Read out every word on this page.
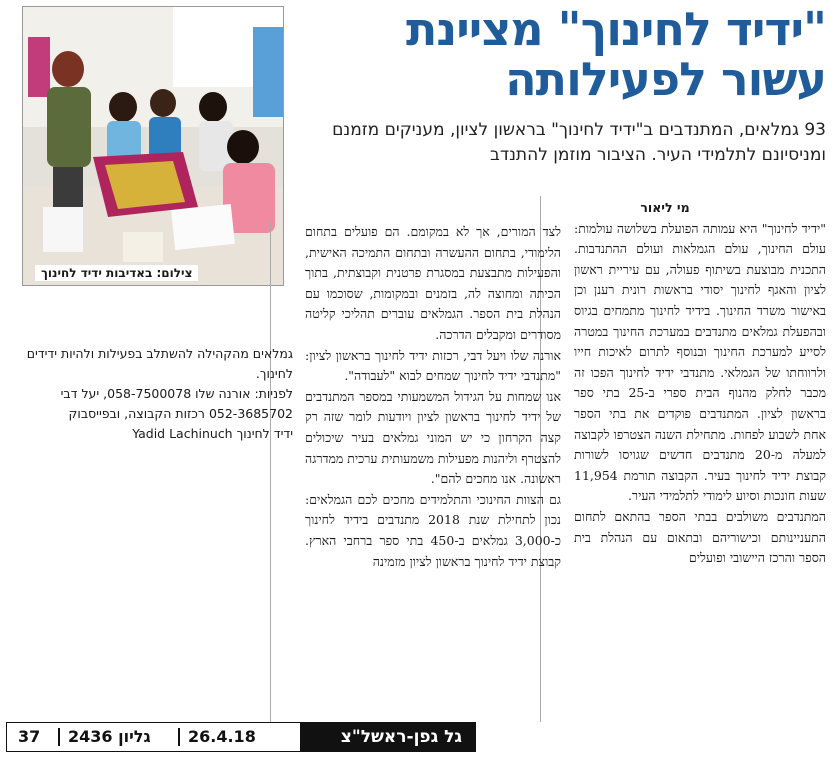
צילום: באדיבות ידיד לחינוך
"ידיד לחינוך" מציינת
עשור לפעילותה
93 גמלאים, המתנדבים ב"ידיד לחינוך" בראשון לציון, מעניקים מזמנם ומניסיונם לתלמידי העיר. הציבור מוזמן להתנדב

מי ליאור

"ידיד לחינוך" היא עמותה הפועלת בשלושה עולמות: עולם החינוך, עולם הגמלאות ועולם ההתנדבות. התכנית מבוצעת בשיתוף פעולה, עם עיריית ראשון לציון והאגף לחינוך יסודי בראשות רונית רענן וכן באישור משרד החינוך. בידיד לחינוך מתמחים בגיוס ובהפעלת גמלאים מתנדבים במערכת החינוך במטרה לסייע למערכת החינוך ובנוסף לתרום לאיכות חייו ולרווחתו של הגמלאי. מתנדבי ידיד לחינוך הפכו זה מכבר לחלק מהנוף הבית ספרי ב-25 בתי ספר בראשון לציון. המתנדבים פוקדים את בתי הספר אחת לשבוע לפחות. מתחילת השנה הצטרפו לקבוצה למעלה מ-20 מתנדבים חדשים שגויסו לשורות קבוצת ידיד לחינוך בעיר. הקבוצה תורמת 11,954 שעות חונכות וסיוע לימודי לתלמידי העיר.

המתנדבים משולבים בבתי הספר בהתאם לתחום התעניינותם וכישוריהם ובתאום עם הנהלת בית הספר והרכז היישובי ופועלים

לצד המורים, אך לא במקומם. הם פועלים בתחום הלימודי, בתחום ההעשרה ובתחום התמיכה האישית, והפעילות מתבצעת במסגרת פרטנית וקבוצתית, בתוך הכיתה ומחוצה לה, בזמנים ובמקומות, שסוכמו עם הנהלת בית הספר. הגמלאים עוברים תהליכי קליטה מסודרים ומקבלים הדרכה.

אורנה שלו ויעל דבי, רכזות ידיד לחינוך בראשון לציון: "מתנדבי ידיד לחינוך שמחים לבוא "לעבודה".

אנו שמחות על הגידול המשמעותי במספר המתנדבים של ידיד לחינוך בראשון לציון ויודעות לומר שזה רק קצה הקרחון כי יש המוני גמלאים בעיר שיכולים להצטרף וליהנות מפעילות משמעותית ערכית ממדרגה ראשונה. אנו מחכים להם".

גם הצוות החינוכי והתלמידים מחכים לכם הגמלאים: נכון לתחילת שנת 2018 מתנדבים בידיד לחינוך כ-3,000 גמלאים ב-450 בתי ספר ברחבי הארץ. קבוצת ידיד לחינוך בראשון לציון מזמינה

גמלאים מהקהילה להשתלב בפעילות ולהיות ידידים לחינוך.
לפניות: אורנה שלו 058-7500078, יעל דבי
052-3685702 רכזות הקבוצה, ובפייסבוק
ידיד לחינוך Yadid Lachinuch
37 גליון 2436 26.4.18	גל גפן-ראשל"צ
